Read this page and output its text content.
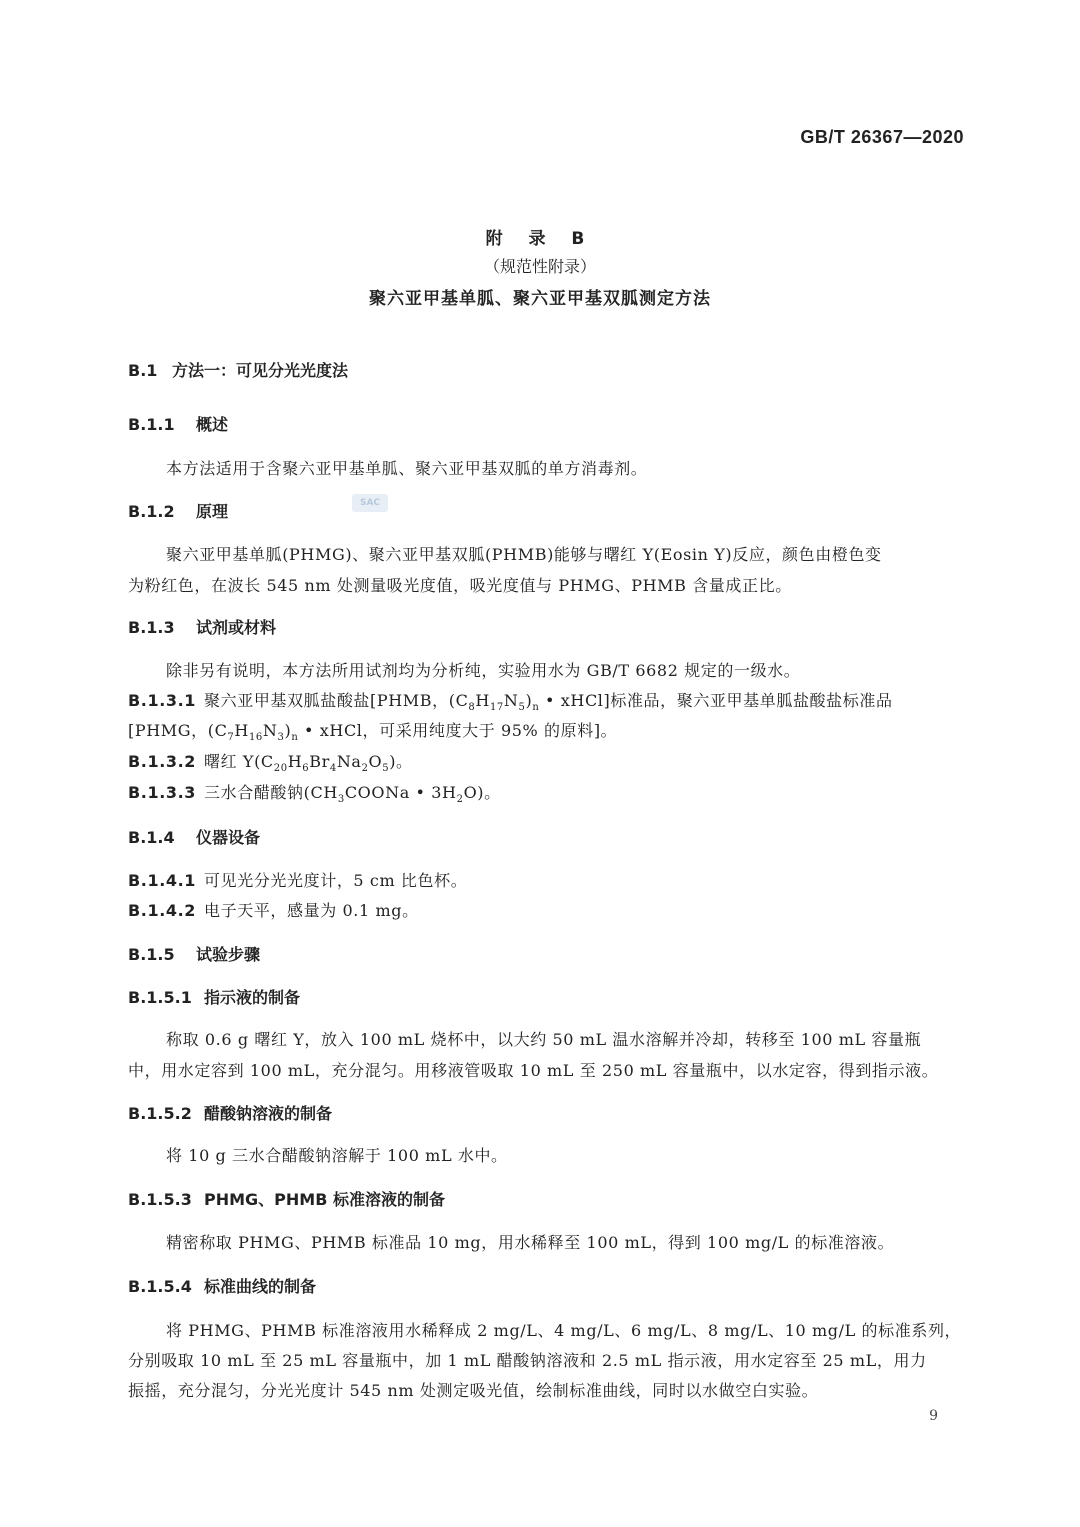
GB/T 26367—2020
附 录 B
（规范性附录）
聚六亚甲基单胍、聚六亚甲基双胍测定方法
B.1 方法一：可见分光光度法
B.1.1 概述
本方法适用于含聚六亚甲基单胍、聚六亚甲基双胍的单方消毒剂。
SAC
B.1.2 原理
聚六亚甲基单胍(PHMG)、聚六亚甲基双胍(PHMB)能够与曙红 Y(Eosin Y)反应，颜色由橙色变
为粉红色，在波长 545 nm 处测量吸光度值，吸光度值与 PHMG、PHMB 含量成正比。
B.1.3 试剂或材料
除非另有说明，本方法所用试剂均为分析纯，实验用水为 GB/T 6682 规定的一级水。
B.1.3.1 聚六亚甲基双胍盐酸盐[PHMB，$(C_8H_{17}N_5)_n$ • xHCl]标准品，聚六亚甲基单胍盐酸盐标准品
[PHMG，$(C_7H_{16}N_3)_n$ • xHCl，可采用纯度大于 95% 的原料]。
B.1.3.2 曙红 $Y(C_{20}H_6Br_4Na_2O_5)$。
B.1.3.3 三水合醋酸钠($CH_3COONa$ • $3H_2O$)。
B.1.4 仪器设备
B.1.4.1 可见光分光光度计，5 cm 比色杯。
B.1.4.2 电子天平，感量为 0.1 mg。
B.1.5 试验步骤
B.1.5.1 指示液的制备
称取 0.6 g 曙红 Y，放入 100 mL 烧杯中，以大约 50 mL 温水溶解并冷却，转移至 100 mL 容量瓶
中，用水定容到 100 mL，充分混匀。用移液管吸取 10 mL 至 250 mL 容量瓶中，以水定容，得到指示液。
B.1.5.2 醋酸钠溶液的制备
将 10 g 三水合醋酸钠溶解于 100 mL 水中。
B.1.5.3 PHMG、PHMB 标准溶液的制备
精密称取 PHMG、PHMB 标准品 10 mg，用水稀释至 100 mL，得到 100 mg/L 的标准溶液。
B.1.5.4 标准曲线的制备
将 PHMG、PHMB 标准溶液用水稀释成 2 mg/L、4 mg/L、6 mg/L、8 mg/L、10 mg/L 的标准系列，
分别吸取 10 mL 至 25 mL 容量瓶中，加 1 mL 醋酸钠溶液和 2.5 mL 指示液，用水定容至 25 mL，用力
振摇，充分混匀，分光光度计 545 nm 处测定吸光值，绘制标准曲线，同时以水做空白实验。
9
